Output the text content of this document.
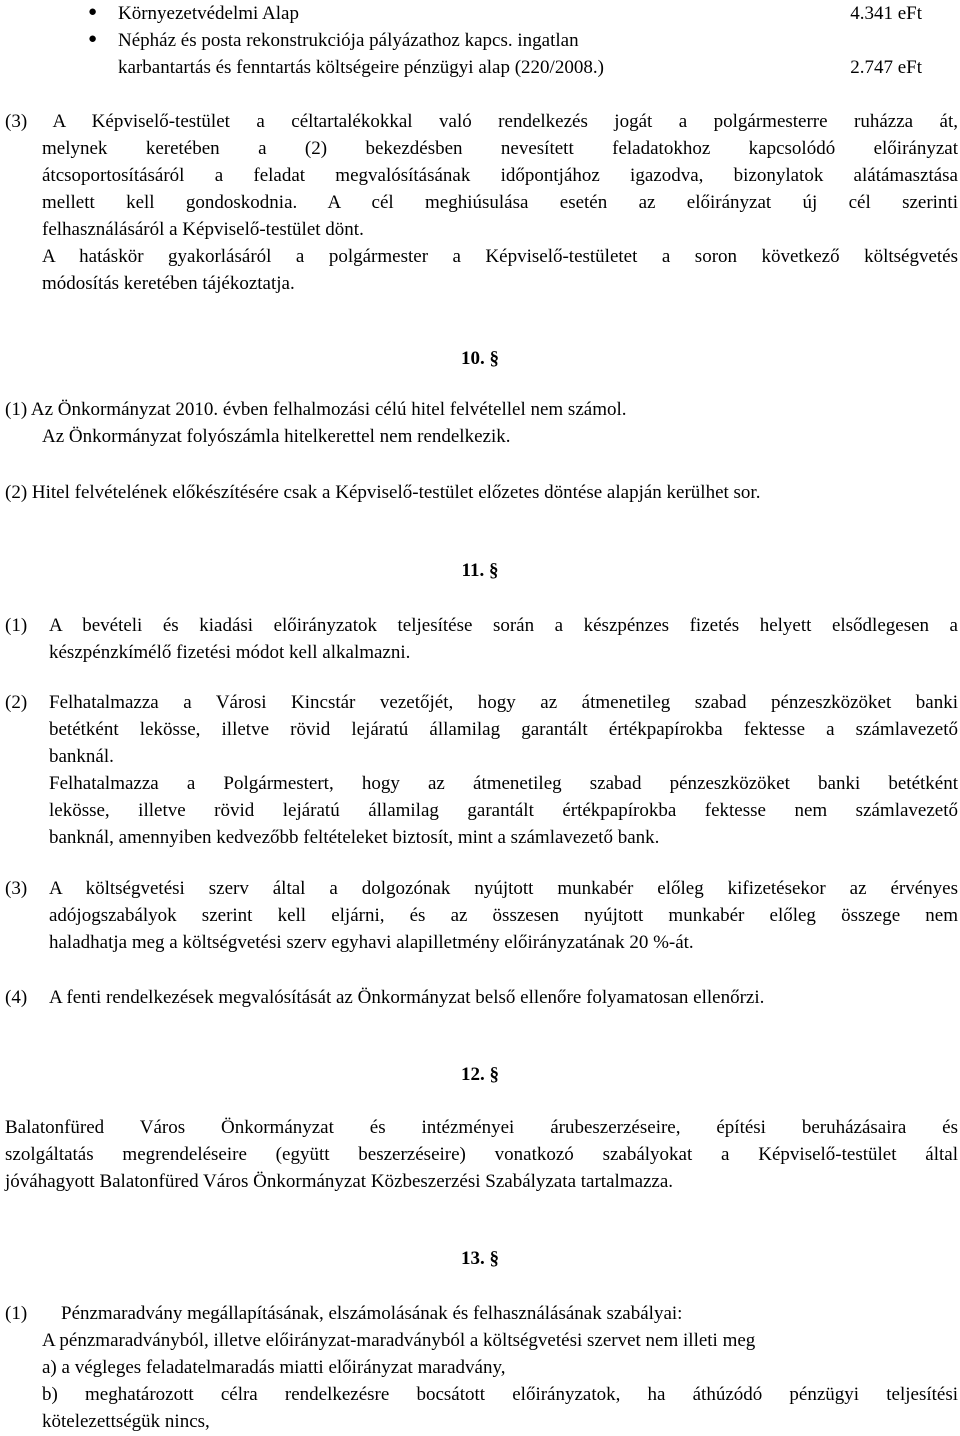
● Környezetvédelmi Alap	4.341 eFt
● Népház és posta rekonstrukciója pályázathoz kapcs. ingatlan
karbantartás és fenntartás költségeire pénzügyi alap (220/2008.)	2.747 eFt
(3) A Képviselő-testület a céltartalékokkal való rendelkezés jogát a polgármesterre ruházza át,
melynek keretében a (2) bekezdésben nevesített feladatokhoz kapcsolódó előirányzat
átcsoportosításáról a feladat megvalósításának időpontjához igazodva, bizonylatok alátámasztása
mellett kell gondoskodnia. A cél meghiúsulása esetén az előirányzat új cél szerinti
felhasználásáról a Képviselő-testület dönt.
A hatáskör gyakorlásáról a polgármester a Képviselő-testületet a soron következő költségvetés
módosítás keretében tájékoztatja.
10. §
(1) Az Önkormányzat 2010. évben felhalmozási célú hitel felvétellel nem számol.
Az Önkormányzat folyószámla hitelkerettel nem rendelkezik.
(2) Hitel felvételének előkészítésére csak a Képviselő-testület előzetes döntése alapján kerülhet sor.
11. §
(1) A bevételi és kiadási előirányzatok teljesítése során a készpénzes fizetés helyett elsődlegesen a
készpénzkímélő fizetési módot kell alkalmazni.
(2) Felhatalmazza a Városi Kincstár vezetőjét, hogy az átmenetileg szabad pénzeszközöket banki
betétként lekösse, illetve rövid lejáratú államilag garantált értékpapírokba fektesse a számlavezető
banknál.
Felhatalmazza a Polgármestert, hogy az átmenetileg szabad pénzeszközöket banki betétként
lekösse, illetve rövid lejáratú államilag garantált értékpapírokba fektesse nem számlavezető
banknál, amennyiben kedvezőbb feltételeket biztosít, mint a számlavezető bank.
(3) A költségvetési szerv által a dolgozónak nyújtott munkabér előleg kifizetésekor az érvényes
adójogszabályok szerint kell eljárni, és az összesen nyújtott munkabér előleg összege nem
haladhatja meg a költségvetési szerv egyhavi alapilletmény előirányzatának 20 %-át.
(4) A fenti rendelkezések megvalósítását az Önkormányzat belső ellenőre folyamatosan ellenőrzi.
12. §
Balatonfüred Város Önkormányzat és intézményei árubeszerzéseire, építési beruházásaira és
szolgáltatás megrendeléseire (együtt beszerzéseire) vonatkozó szabályokat a Képviselő-testület által
jóváhagyott Balatonfüred Város Önkormányzat Közbeszerzési Szabályzata tartalmazza.
13. §
(1) Pénzmaradvány megállapításának, elszámolásának és felhasználásának szabályai:
A pénzmaradványból, illetve előirányzat-maradványból a költségvetési szervet nem illeti meg
a) a végleges feladatelmaradás miatti előirányzat maradvány,
b) meghatározott célra rendelkezésre bocsátott előirányzatok, ha áthúzódó pénzügyi teljesítési
kötelezettségük nincs,
